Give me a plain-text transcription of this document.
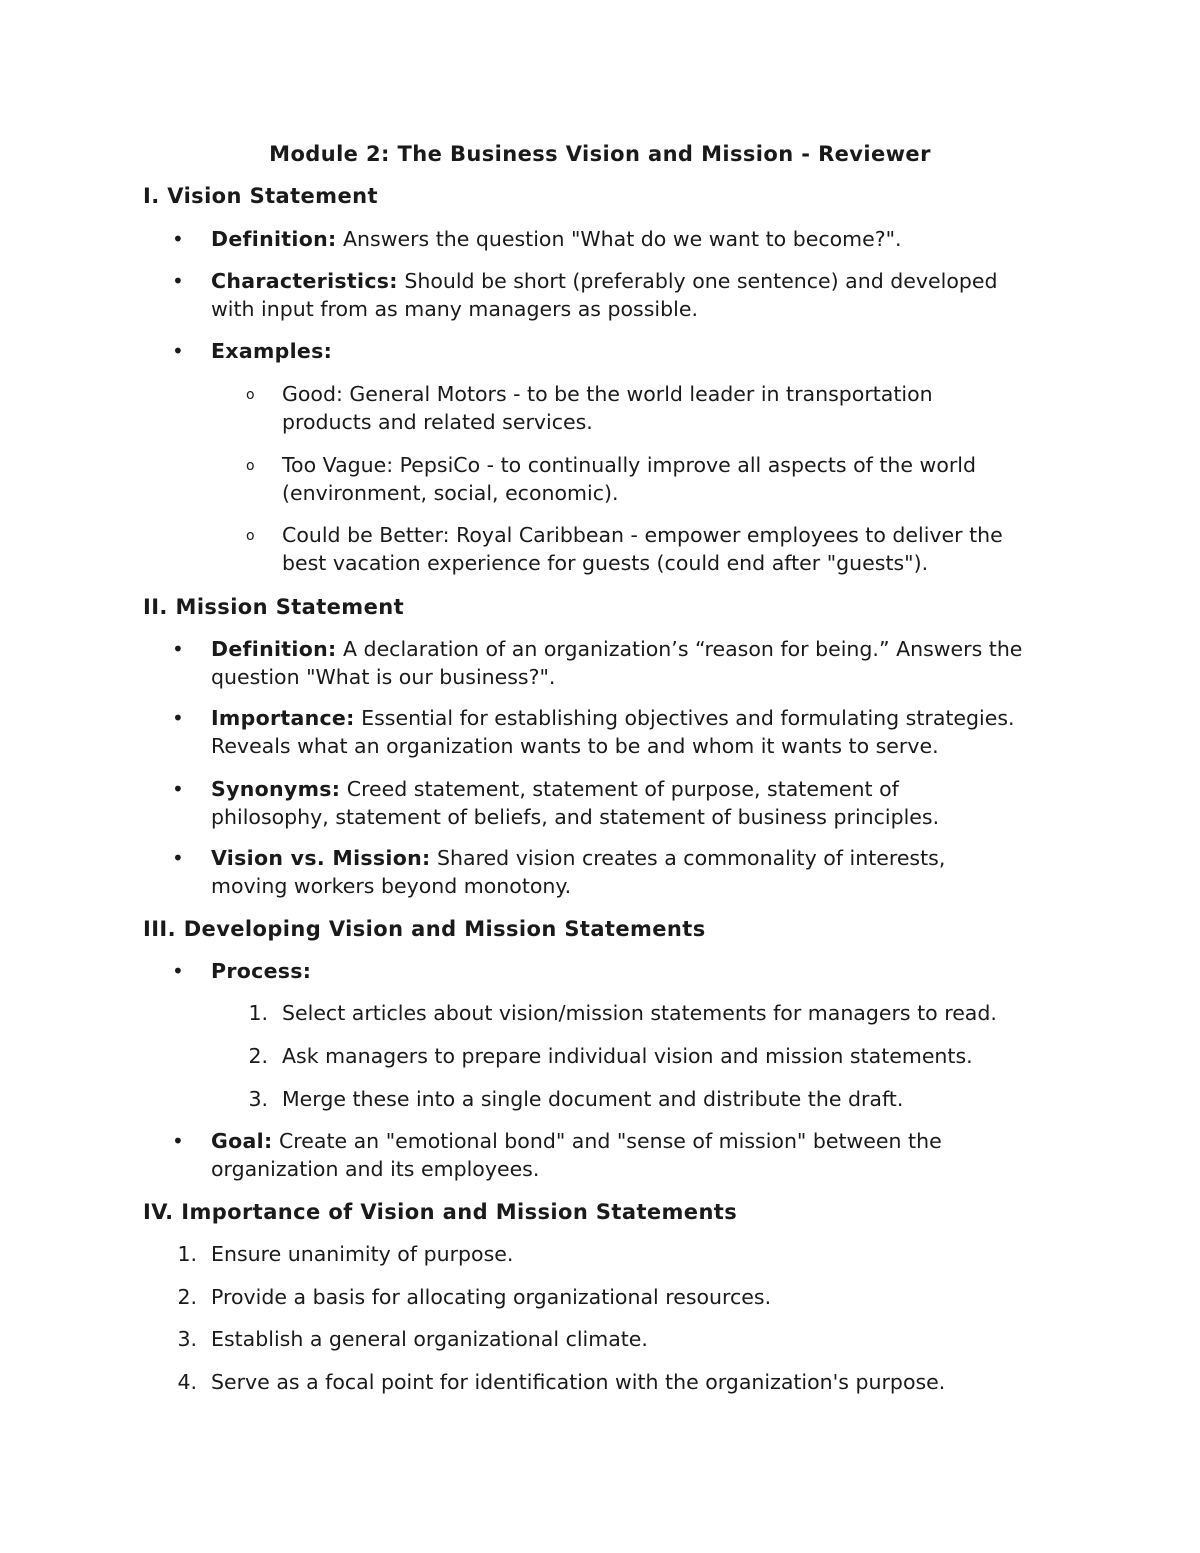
Module 2: The Business Vision and Mission - Reviewer
I. Vision Statement
• Definition: Answers the question "What do we want to become?".
• Characteristics: Should be short (preferably one sentence) and developed with input from as many managers as possible.
• Examples:
o Good: General Motors - to be the world leader in transportation products and related services.
o Too Vague: PepsiCo - to continually improve all aspects of the world (environment, social, economic).
o Could be Better: Royal Caribbean - empower employees to deliver the best vacation experience for guests (could end after "guests").
II. Mission Statement
• Definition: A declaration of an organization’s “reason for being.” Answers the question "What is our business?".
• Importance: Essential for establishing objectives and formulating strategies. Reveals what an organization wants to be and whom it wants to serve.
• Synonyms: Creed statement, statement of purpose, statement of philosophy, statement of beliefs, and statement of business principles.
• Vision vs. Mission: Shared vision creates a commonality of interests, moving workers beyond monotony.
III. Developing Vision and Mission Statements
• Process:
1. Select articles about vision/mission statements for managers to read.
2. Ask managers to prepare individual vision and mission statements.
3. Merge these into a single document and distribute the draft.
• Goal: Create an "emotional bond" and "sense of mission" between the organization and its employees.
IV. Importance of Vision and Mission Statements
1. Ensure unanimity of purpose.
2. Provide a basis for allocating organizational resources.
3. Establish a general organizational climate.
4. Serve as a focal point for identification with the organization's purpose.
